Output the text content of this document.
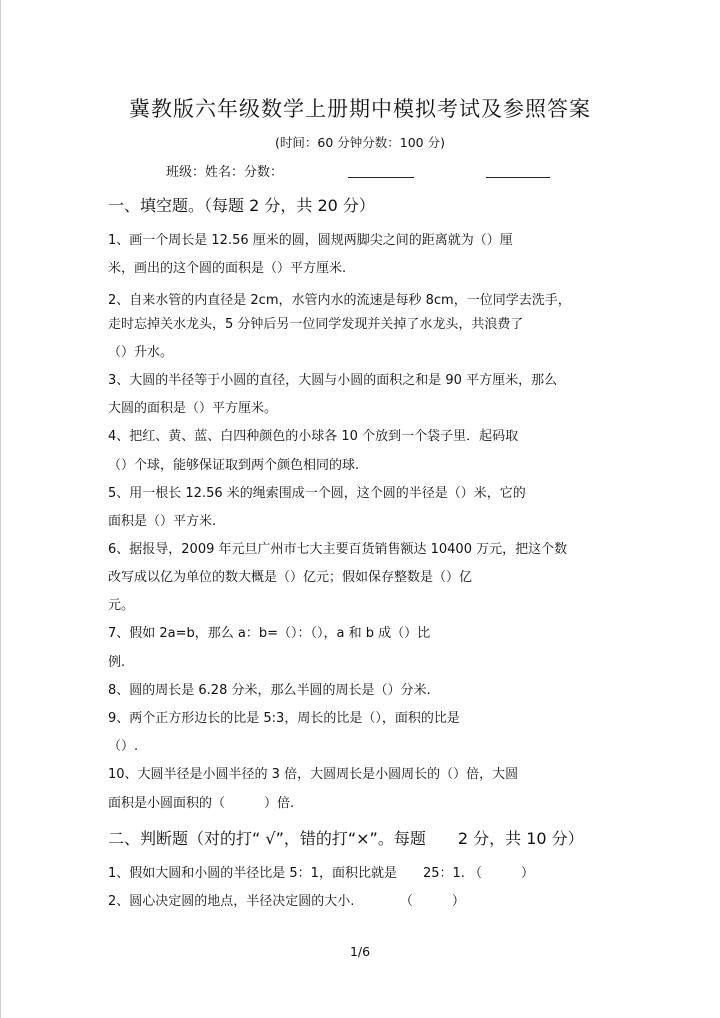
冀教版六年级数学上册期中模拟考试及参照答案
(时间：60 分钟分数：100 分)
班级：姓名：分数：
一、填空题。（每题 2 分，共 20 分）
1、画一个周长是 12.56 厘米的圆，圆规两脚尖之间的距离就为（）厘
米，画出的这个圆的面积是（）平方厘米.
2、自来水管的内直径是 2cm，水管内水的流速是每秒 8cm，一位同学去洗手，
走时忘掉关水龙头，5 分钟后另一位同学发现并关掉了水龙头，共浪费了
（）升水。
3、大圆的半径等于小圆的直径，大圆与小圆的面积之和是 90 平方厘米，那么
大圆的面积是（）平方厘米。
4、把红、黄、蓝、白四种颜色的小球各 10 个放到一个袋子里．起码取
（）个球，能够保证取到两个颜色相同的球.
5、用一根长 12.56 米的绳索围成一个圆，这个圆的半径是（）米，它的
面积是（）平方米.
6、据报导，2009 年元旦广州市七大主要百货销售额达 10400 万元，把这个数
改写成以亿为单位的数大概是（）亿元；假如保存整数是（）亿
元。
7、假如 2a=b，那么 a：b=（）：（），a 和 b 成（）比
例.
8、圆的周长是 6.28 分米，那么半圆的周长是（）分米.
9、两个正方形边长的比是 5:3，周长的比是（），面积的比是
（）.
10、大圆半径是小圆半径的 3 倍，大圆周长是小圆周长的（）倍，大圆
面积是小圆面积的（　　　）倍.
二、判断题（对的打“ √”，错的打“×”。每题　　2 分，共 10 分）
1、假如大圆和小圆的半径比是 5：1，面积比就是　　25：1. （　　　）
2、圆心决定圆的地点，半径决定圆的大小.　　　　（　　　）
1/6
